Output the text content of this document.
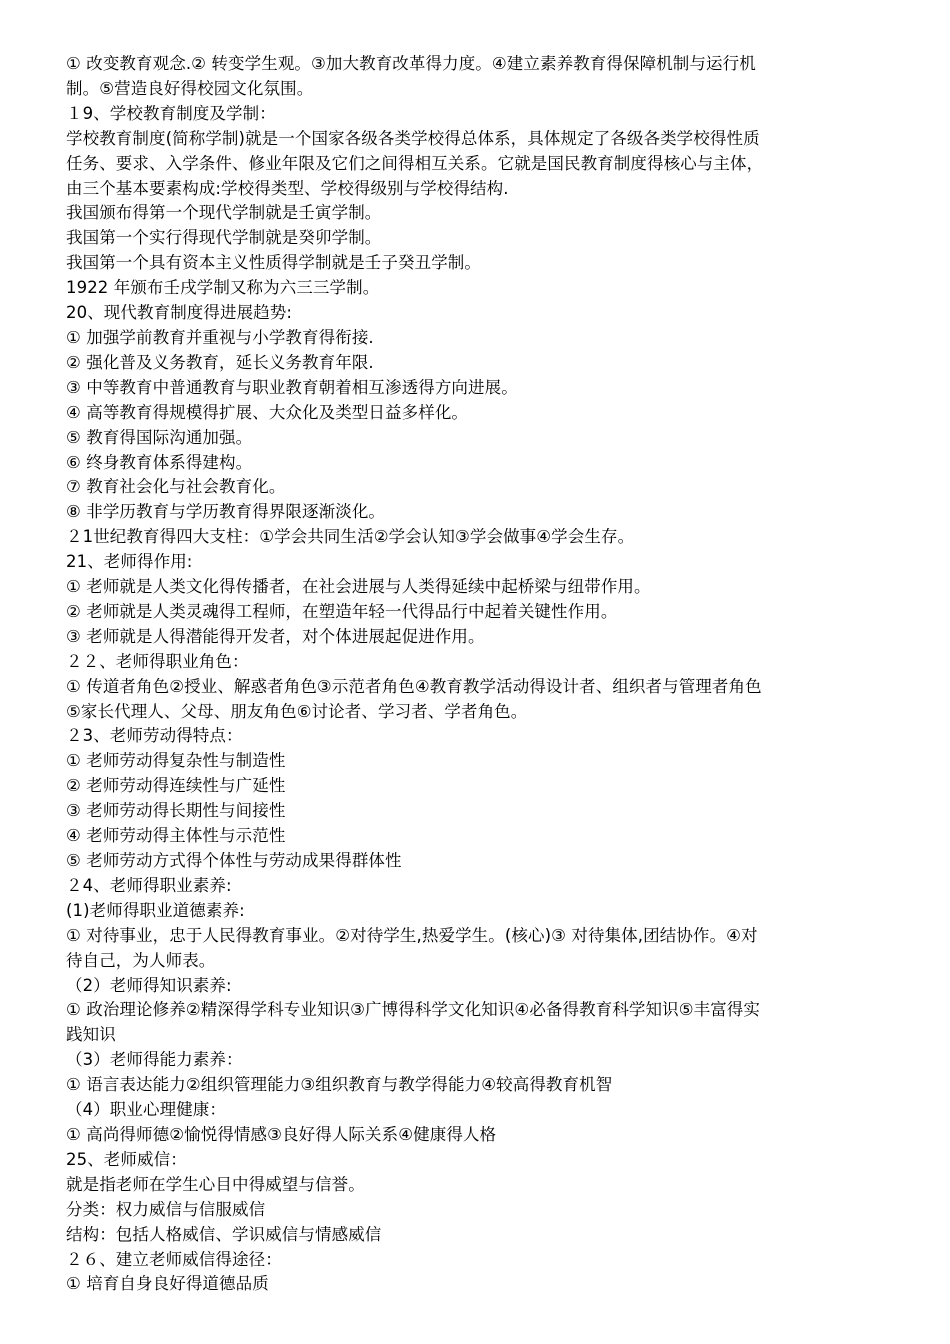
① 改变教育观念.② 转变学生观。③加大教育改革得力度。④建立素养教育得保障机制与运行机
制。⑤营造良好得校园文化氛围。
１9、学校教育制度及学制：
学校教育制度(简称学制)就是一个国家各级各类学校得总体系，具体规定了各级各类学校得性质
任务、要求、入学条件、修业年限及它们之间得相互关系。它就是国民教育制度得核心与主体，
由三个基本要素构成:学校得类型、学校得级别与学校得结构.
我国颁布得第一个现代学制就是壬寅学制。
我国第一个实行得现代学制就是癸卯学制。
我国第一个具有资本主义性质得学制就是壬子癸丑学制。
1922 年颁布壬戌学制又称为六三三学制。
20、现代教育制度得进展趋势:
① 加强学前教育并重视与小学教育得衔接.
② 强化普及义务教育，延长义务教育年限.
③ 中等教育中普通教育与职业教育朝着相互渗透得方向进展。
④ 高等教育得规模得扩展、大众化及类型日益多样化。
⑤ 教育得国际沟通加强。
⑥ 终身教育体系得建构。
⑦ 教育社会化与社会教育化。
⑧ 非学历教育与学历教育得界限逐渐淡化。
２1世纪教育得四大支柱：①学会共同生活②学会认知③学会做事④学会生存。
21、老师得作用:
① 老师就是人类文化得传播者，在社会进展与人类得延续中起桥梁与纽带作用。
② 老师就是人类灵魂得工程师，在塑造年轻一代得品行中起着关键性作用。
③ 老师就是人得潜能得开发者，对个体进展起促进作用。
２２、老师得职业角色：
① 传道者角色②授业、解惑者角色③示范者角色④教育教学活动得设计者、组织者与管理者角色
⑤家长代理人、父母、朋友角色⑥讨论者、学习者、学者角色。
２3、老师劳动得特点：
① 老师劳动得复杂性与制造性
② 老师劳动得连续性与广延性
③ 老师劳动得长期性与间接性
④ 老师劳动得主体性与示范性
⑤ 老师劳动方式得个体性与劳动成果得群体性
２4、老师得职业素养:
(1)老师得职业道德素养:
① 对待事业，忠于人民得教育事业。②对待学生,热爱学生。(核心)③ 对待集体,团结协作。④对
待自己，为人师表。
（2）老师得知识素养:
① 政治理论修养②精深得学科专业知识③广博得科学文化知识④必备得教育科学知识⑤丰富得实
践知识
（3）老师得能力素养：
① 语言表达能力②组织管理能力③组织教育与教学得能力④较高得教育机智
（4）职业心理健康：
① 高尚得师德②愉悦得情感③良好得人际关系④健康得人格
25、老师威信：
就是指老师在学生心目中得威望与信誉。
分类：权力威信与信服威信
结构：包括人格威信、学识威信与情感威信
２６、建立老师威信得途径：
① 培育自身良好得道德品质
